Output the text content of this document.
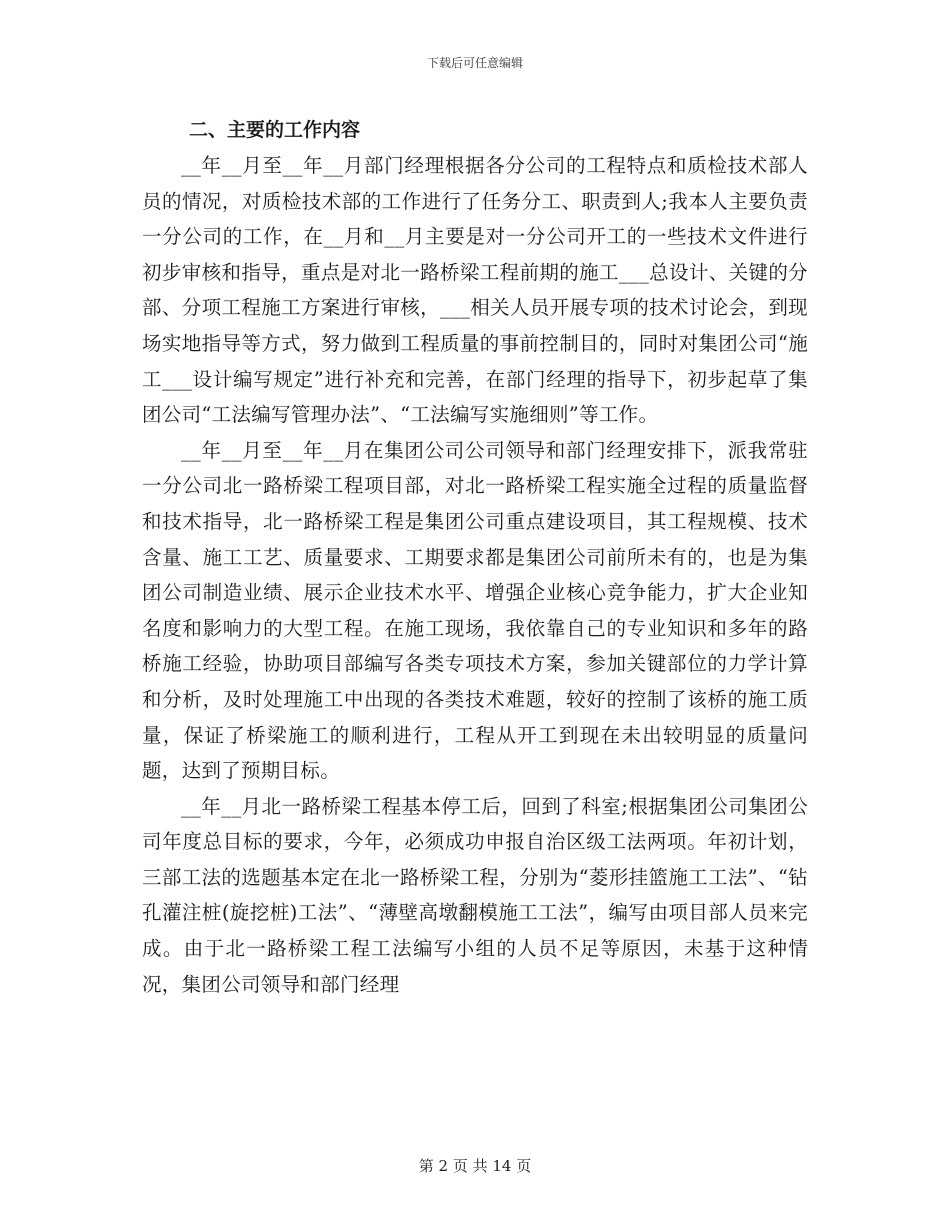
下载后可任意编辑
二、主要的工作内容

__年__月至__年__月部门经理根据各分公司的工程特点和质检技术部人员的情况，对质检技术部的工作进行了任务分工、职责到人;我本人主要负责一分公司的工作，在__月和__月主要是对一分公司开工的一些技术文件进行初步审核和指导，重点是对北一路桥梁工程前期的施工___总设计、关键的分部、分项工程施工方案进行审核，___相关人员开展专项的技术讨论会，到现场实地指导等方式，努力做到工程质量的事前控制目的，同时对集团公司“施工___设计编写规定”进行补充和完善，在部门经理的指导下，初步起草了集团公司“工法编写管理办法”、“工法编写实施细则”等工作。

__年__月至__年__月在集团公司公司领导和部门经理安排下，派我常驻一分公司北一路桥梁工程项目部，对北一路桥梁工程实施全过程的质量监督和技术指导，北一路桥梁工程是集团公司重点建设项目，其工程规模、技术含量、施工工艺、质量要求、工期要求都是集团公司前所未有的，也是为集团公司制造业绩、展示企业技术水平、增强企业核心竞争能力，扩大企业知名度和影响力的大型工程。在施工现场，我依靠自己的专业知识和多年的路桥施工经验，协助项目部编写各类专项技术方案，参加关键部位的力学计算和分析，及时处理施工中出现的各类技术难题，较好的控制了该桥的施工质量，保证了桥梁施工的顺利进行，工程从开工到现在未出较明显的质量问题，达到了预期目标。

__年__月北一路桥梁工程基本停工后，回到了科室;根据集团公司集团公司年度总目标的要求，今年，必须成功申报自治区级工法两项。年初计划，三部工法的选题基本定在北一路桥梁工程，分别为“菱形挂篮施工工法”、“钻孔灌注桩(旋挖桩)工法”、“薄壁高墩翻模施工工法”，编写由项目部人员来完成。由于北一路桥梁工程工法编写小组的人员不足等原因，未基于这种情况，集团公司领导和部门经理

第 2 页 共 14 页
